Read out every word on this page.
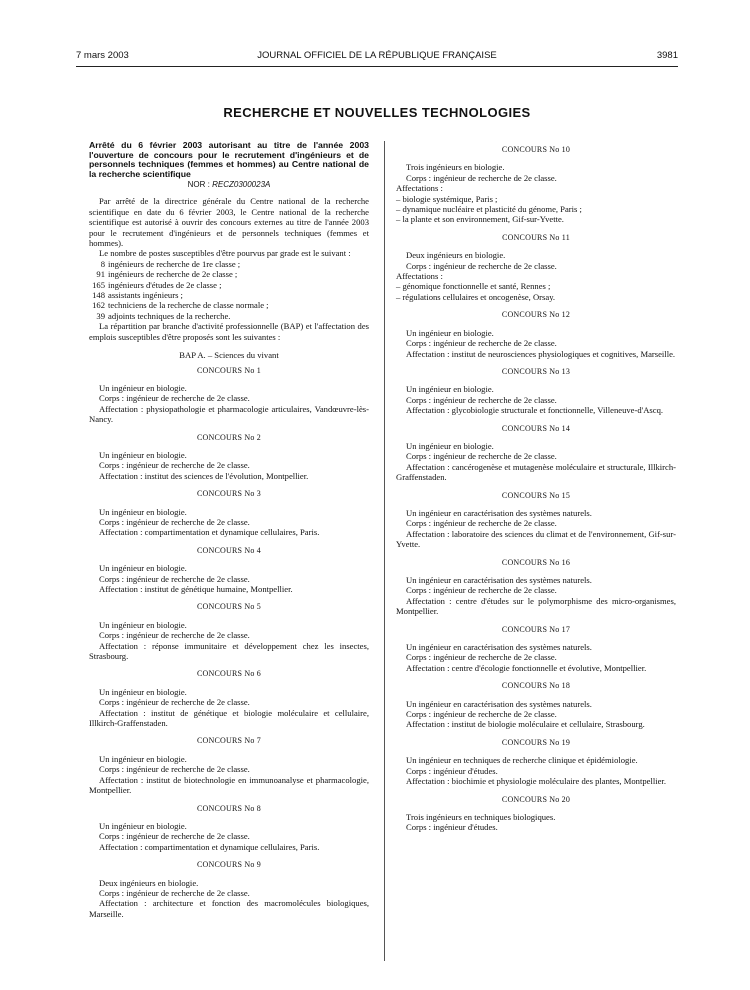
7 mars 2003	JOURNAL OFFICIEL DE LA RÉPUBLIQUE FRANÇAISE	3981
RECHERCHE ET NOUVELLES TECHNOLOGIES

Arrêté du 6 février 2003 autorisant au titre de l'année 2003 l'ouverture de concours pour le recrutement d'ingénieurs et de personnels techniques (femmes et hommes) au Centre national de la recherche scientifique

NOR : RECZ0300023A

Par arrêté de la directrice générale du Centre national de la recherche scientifique en date du 6 février 2003, le Centre national de la recherche scientifique est autorisé à ouvrir des concours externes au titre de l'année 2003 pour le recrutement d'ingénieurs et de personnels techniques (femmes et hommes).

Le nombre de postes susceptibles d'être pourvus par grade est le suivant :

8 ingénieurs de recherche de 1re classe ;
91 ingénieurs de recherche de 2e classe ;
165 ingénieurs d'études de 2e classe ;
148 assistants ingénieurs ;
162 techniciens de la recherche de classe normale ;
39 adjoints techniques de la recherche.

La répartition par branche d'activité professionnelle (BAP) et l'affectation des emplois susceptibles d'être proposés sont les suivantes :

BAP A. – Sciences du vivant
CONCOURS No 1

Un ingénieur en biologie.

Corps : ingénieur de recherche de 2e classe.

Affectation : physiopathologie et pharmacologie articulaires, Vandœuvre-lès-Nancy.

CONCOURS No 2

Un ingénieur en biologie.

Corps : ingénieur de recherche de 2e classe.

Affectation : institut des sciences de l'évolution, Montpellier.

CONCOURS No 3

Un ingénieur en biologie.

Corps : ingénieur de recherche de 2e classe.

Affectation : compartimentation et dynamique cellulaires, Paris.

CONCOURS No 4

Un ingénieur en biologie.

Corps : ingénieur de recherche de 2e classe.

Affectation : institut de génétique humaine, Montpellier.

CONCOURS No 5

Un ingénieur en biologie.

Corps : ingénieur de recherche de 2e classe.

Affectation : réponse immunitaire et développement chez les insectes, Strasbourg.

CONCOURS No 6

Un ingénieur en biologie.

Corps : ingénieur de recherche de 2e classe.

Affectation : institut de génétique et biologie moléculaire et cellulaire, Illkirch-Graffenstaden.

CONCOURS No 7

Un ingénieur en biologie.

Corps : ingénieur de recherche de 2e classe.

Affectation : institut de biotechnologie en immunoanalyse et pharmacologie, Montpellier.

CONCOURS No 8

Un ingénieur en biologie.

Corps : ingénieur de recherche de 2e classe.

Affectation : compartimentation et dynamique cellulaires, Paris.

CONCOURS No 9

Deux ingénieurs en biologie.

Corps : ingénieur de recherche de 2e classe.

Affectation : architecture et fonction des macromolécules biologiques, Marseille.

CONCOURS No 10

Trois ingénieurs en biologie.

Corps : ingénieur de recherche de 2e classe.

Affectations :

– biologie systémique, Paris ;

– dynamique nucléaire et plasticité du génome, Paris ;

– la plante et son environnement, Gif-sur-Yvette.

CONCOURS No 11

Deux ingénieurs en biologie.

Corps : ingénieur de recherche de 2e classe.

Affectations :

– génomique fonctionnelle et santé, Rennes ;

– régulations cellulaires et oncogenèse, Orsay.

CONCOURS No 12

Un ingénieur en biologie.

Corps : ingénieur de recherche de 2e classe.

Affectation : institut de neurosciences physiologiques et cognitives, Marseille.

CONCOURS No 13

Un ingénieur en biologie.

Corps : ingénieur de recherche de 2e classe.

Affectation : glycobiologie structurale et fonctionnelle, Villeneuve-d'Ascq.

CONCOURS No 14

Un ingénieur en biologie.

Corps : ingénieur de recherche de 2e classe.

Affectation : cancérogenèse et mutagenèse moléculaire et structurale, Illkirch-Graffenstaden.

CONCOURS No 15

Un ingénieur en caractérisation des systèmes naturels.

Corps : ingénieur de recherche de 2e classe.

Affectation : laboratoire des sciences du climat et de l'environnement, Gif-sur-Yvette.

CONCOURS No 16

Un ingénieur en caractérisation des systèmes naturels.

Corps : ingénieur de recherche de 2e classe.

Affectation : centre d'études sur le polymorphisme des micro-organismes, Montpellier.

CONCOURS No 17

Un ingénieur en caractérisation des systèmes naturels.

Corps : ingénieur de recherche de 2e classe.

Affectation : centre d'écologie fonctionnelle et évolutive, Montpellier.

CONCOURS No 18

Un ingénieur en caractérisation des systèmes naturels.

Corps : ingénieur de recherche de 2e classe.

Affectation : institut de biologie moléculaire et cellulaire, Strasbourg.

CONCOURS No 19

Un ingénieur en techniques de recherche clinique et épidémiologie.

Corps : ingénieur d'études.

Affectation : biochimie et physiologie moléculaire des plantes, Montpellier.

CONCOURS No 20

Trois ingénieurs en techniques biologiques.

Corps : ingénieur d'études.
